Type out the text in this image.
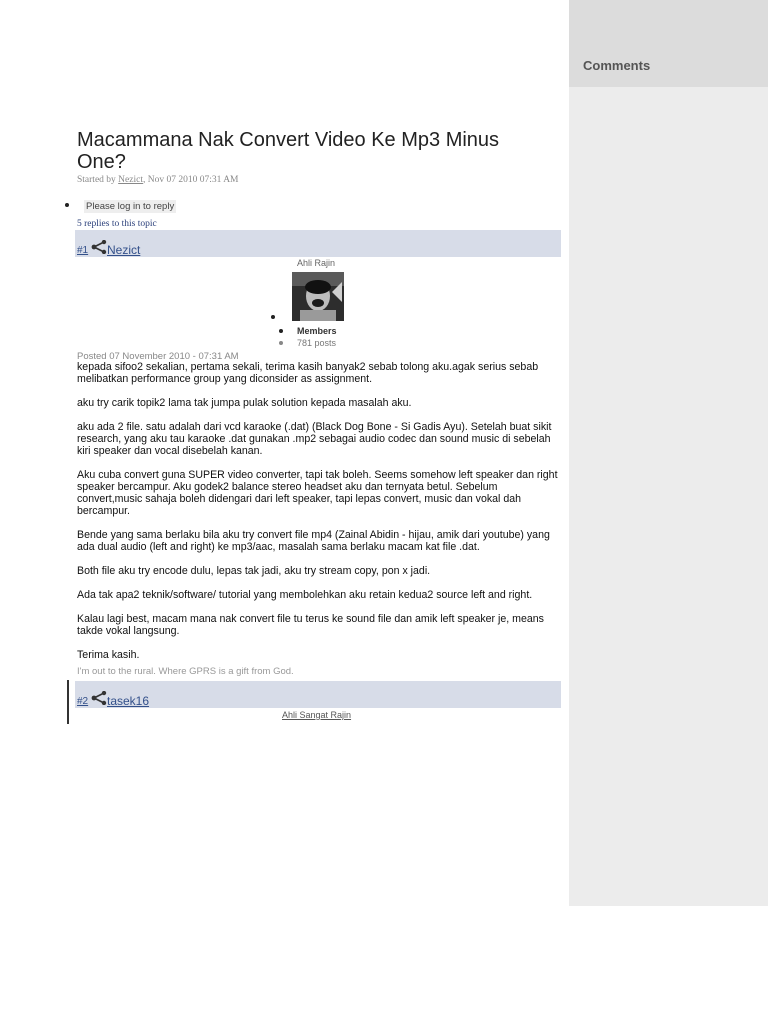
Comments
Macammana Nak Convert Video Ke Mp3 Minus One?
Started by Nezict, Nov 07 2010 07:31 AM
Please log in to reply
5 replies to this topic
#1 Nezict
Ahli Rajin
Members
781 posts
Posted 07 November 2010 - 07:31 AM

kepada sifoo2 sekalian, pertama sekali, terima kasih banyak2 sebab tolong aku.agak serius sebab melibatkan performance group yang diconsider as assignment.

aku try carik topik2 lama tak jumpa pulak solution kepada masalah aku.

aku ada 2 file. satu adalah dari vcd karaoke (.dat) (Black Dog Bone - Si Gadis Ayu). Setelah buat sikit research, yang aku tau karaoke .dat gunakan .mp2 sebagai audio codec dan sound music di sebelah kiri speaker dan vocal disebelah kanan.

Aku cuba convert guna SUPER video converter, tapi tak boleh. Seems somehow left speaker dan right speaker bercampur. Aku godek2 balance stereo headset aku dan ternyata betul. Sebelum convert,music sahaja boleh didengari dari left speaker, tapi lepas convert, music dan vokal dah bercampur.

Bende yang sama berlaku bila aku try convert file mp4 (Zainal Abidin - hijau, amik dari youtube) yang ada dual audio (left and right) ke mp3/aac, masalah sama berlaku macam kat file .dat.

Both file aku try encode dulu, lepas tak jadi, aku try stream copy, pon x jadi.

Ada tak apa2 teknik/software/ tutorial yang membolehkan aku retain kedua2 source left and right.

Kalau lagi best, macam mana nak convert file tu terus ke sound file dan amik left speaker je, means takde vokal langsung.

Terima kasih.

I'm out to the rural. Where GPRS is a gift from God.
#2 tasek16
Ahli Sangat Rajin
